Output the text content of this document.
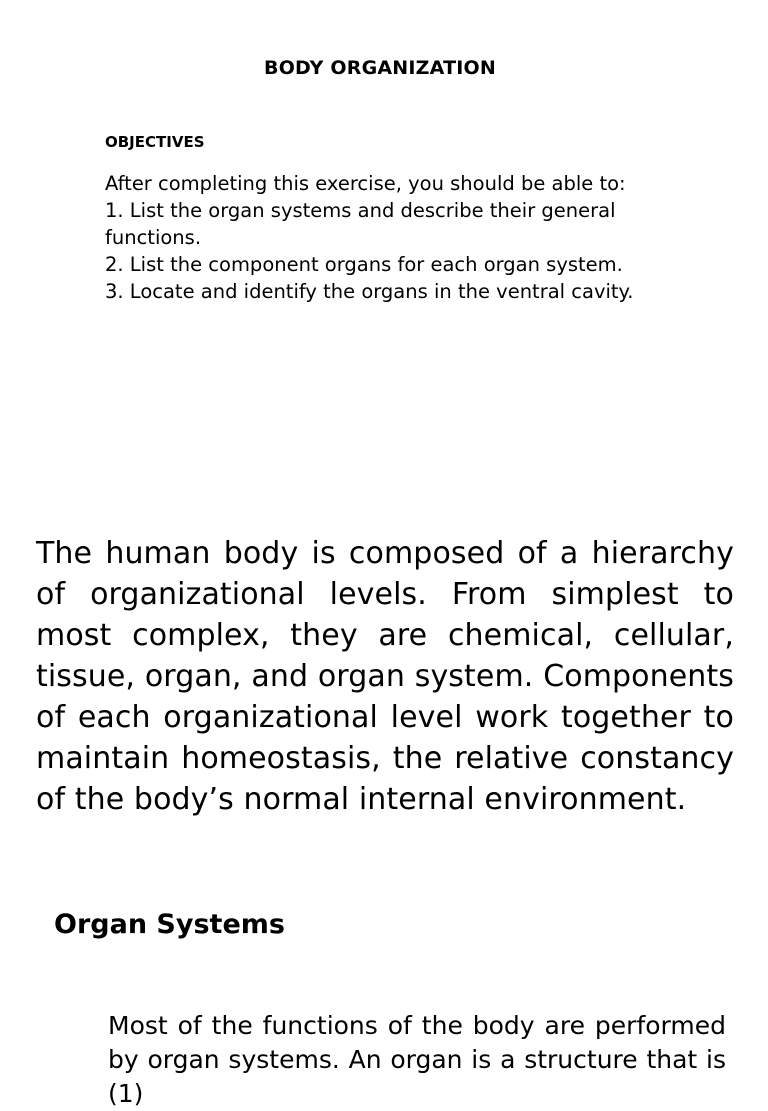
BODY ORGANIZATION
OBJECTIVES
After completing this exercise, you should be able to:
1. List the organ systems and describe their general functions.
2. List the component organs for each organ system.
3. Locate and identify the organs in the ventral cavity.

The human body is composed of a hierarchy of organizational levels. From simplest to most complex, they are chemical, cellular, tissue, organ, and organ system. Components of each organizational level work together to maintain homeostasis, the relative constancy of the body’s normal internal environment.

Organ Systems

Most of the functions of the body are performed by organ systems. An organ is a structure that is (1)
